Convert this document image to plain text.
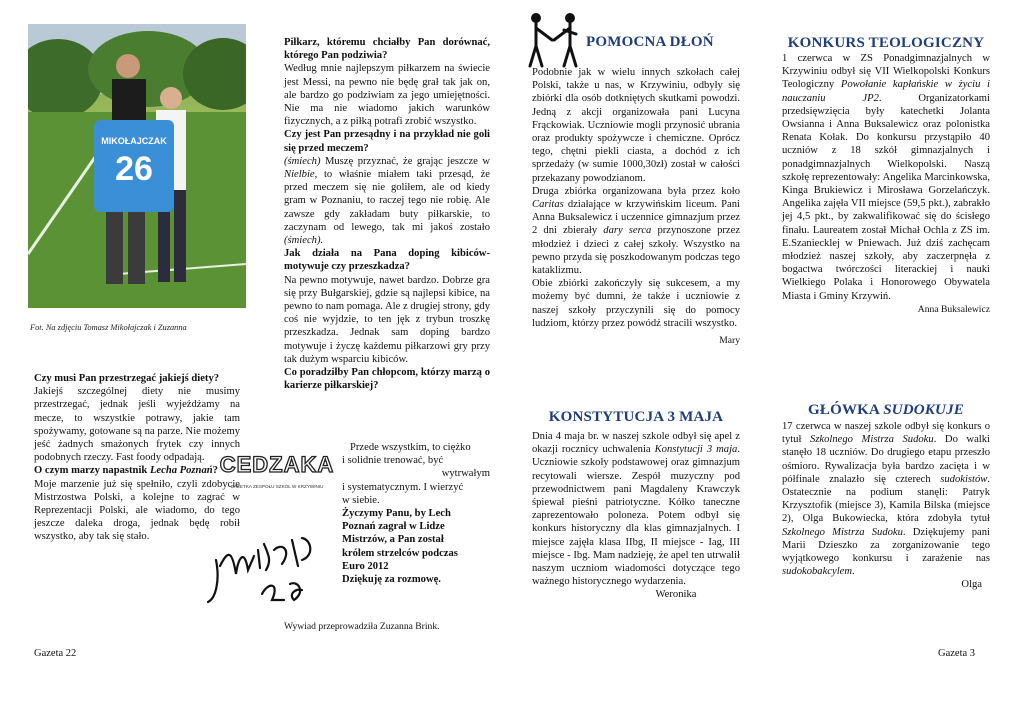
MIKOŁAJCZAK
26
Fot. Na zdjęciu Tomasz Mikołajczak i Zuzanna

Czy musi Pan przestrzegać jakiejś diety?

Jakiejś szczególnej diety nie musimy przestrzegać, jednak jeśli wyjeżdżamy na mecze, to wszystkie potrawy, jakie tam spożywamy, gotowane są na parze. Nie możemy jeść żadnych smażonych frytek czy innych podobnych rzeczy. Fast foody odpadają.

O czym marzy napastnik Lecha Poznań?

Moje marzenie już się spełniło, czyli zdobycie Mistrzostwa Polski, a kolejne to zagrać w Reprezentacji Polski, ale wiadomo, do tego jeszcze daleka droga, jednak będę robił wszystko, aby tak się stało.

Gazeta 22

Piłkarz, któremu chciałby Pan dorównać, którego Pan podziwia?

Według mnie najlepszym piłkarzem na świecie jest Messi, na pewno nie będę grał tak jak on, ale bardzo go podziwiam za jego umiejętności. Nie ma nie wiadomo jakich warunków fizycznych, a z piłką potrafi zrobić wszystko.

Czy jest Pan przesądny i na przykład nie goli się przed meczem?

(śmiech) Muszę przyznać, że grając jeszcze w Nielbie, to właśnie miałem taki przesąd, że przed meczem się nie goliłem, ale od kiedy gram w Poznaniu, to raczej tego nie robię. Ale zawsze gdy zakładam buty piłkarskie, to zaczynam od lewego, tak mi jakoś zostało (śmiech).

Jak działa na Pana doping kibiców- motywuje czy przeszkadza?

Na pewno motywuje, nawet bardzo. Dobrze gra się przy Bułgarskiej, gdzie są najlepsi kibice, na pewno to nam pomaga. Ale z drugiej strony, gdy coś nie wyjdzie, to ten jęk z trybun troszkę przeszkadza. Jednak sam doping bardzo motywuje i życzę każdemu piłkarzowi gry przy tak dużym wsparciu kibiców.

Co poradziłby Pan chłopcom, którzy marzą o karierze piłkarskiej?

CEDZAKA
GAZETKA ZESPOŁU SZKÓŁ W KRZYWINIU

Przede wszystkim, to ciężko

i solidnie trenować, być

wytrwałym

i systematycznym. I wierzyć

w siebie.

Życzymy Panu, by Lech

Poznań zagrał w Lidze

Mistrzów, a Pan został

królem strzelców podczas

Euro 2012

Dziękuję za rozmowę.

Wywiad przeprowadziła Zuzanna Brink.
POMOCNA DŁOŃ

Podobnie jak w wielu innych szkołach całej Polski, także u nas, w Krzywiniu, odbyły się zbiórki dla osób dotkniętych skutkami powodzi. Jedną z akcji organizowała pani Lucyna Frąckowiak. Uczniowie mogli przynosić ubrania oraz produkty spożywcze i chemiczne. Oprócz tego, chętni piekli ciasta, a dochód z ich sprzedaży (w sumie 1000,30zł) został w całości przekazany powodzianom.

Druga zbiórka organizowana była przez koło Caritas działające w krzywińskim liceum. Pani Anna Buksalewicz i uczennice gimnazjum przez 2 dni zbierały dary serca przynoszone przez młodzież i dzieci z całej szkoły. Wszystko na pewno przyda się poszkodowanym podczas tego kataklizmu.

Obie zbiórki zakończyły się sukcesem, a my możemy być dumni, że także i uczniowie z naszej szkoły przyczynili się do pomocy ludziom, którzy przez powódź stracili wszystko.

Mary

KONSTYTUCJA 3 MAJA

Dnia 4 maja br. w naszej szkole odbył się apel z okazji rocznicy uchwalenia Konstytucji 3 maja. Uczniowie szkoły podstawowej oraz gimnazjum recytowali wiersze. Zespół muzyczny pod przewodnictwem pani Magdaleny Krawczyk śpiewał pieśni patriotyczne. Kółko taneczne zaprezentowało poloneza. Potem odbył się konkurs historyczny dla klas gimnazjalnych. I miejsce zajęła klasa IIbg, II miejsce - Iag, III miejsce - Ibg. Mam nadzieję, że apel ten utrwalił naszym uczniom wiadomości dotyczące tego ważnego historycznego wydarzenia.

Weronika

KONKURS TEOLOGICZNY

1 czerwca w ZS Ponadgimnazjalnych w Krzywiniu odbył się VII Wielkopolski Konkurs Teologiczny Powołanie kapłańskie w życiu i nauczaniu JP2. Organizatorkami przedsięwzięcia były katechetki Jolanta Owsianna i Anna Buksalewicz oraz polonistka Renata Kołak. Do konkursu przystąpiło 40 uczniów z 18 szkół gimnazjalnych i ponadgimnazjalnych Wielkopolski. Naszą szkołę reprezentowały: Angelika Marcinkowska, Kinga Brukiewicz i Mirosława Gorzelańczyk. Angelika zajęła VII miejsce (59,5 pkt.), zabrakło jej 4,5 pkt., by zakwalifikować się do ścisłego finału. Laureatem został Michał Ochla z ZS im. E.Szaniecklej w Pniewach. Już dziś zachęcam młodzież naszej szkoły, aby zaczerpnęła z bogactwa twórczości literackiej i nauki Wielkiego Polaka i Honorowego Obywatela Miasta i Gminy Krzywiń.

Anna Buksalewicz

GŁÓWKA SUDOKUJE

17 czerwca w naszej szkole odbył się konkurs o tytuł Szkolnego Mistrza Sudoku. Do walki stanęło 18 uczniów. Do drugiego etapu przeszło ośmioro. Rywalizacja była bardzo zacięta i w półfinale znalazło się czterech sudokistów. Ostatecznie na podium stanęli: Patryk Krzysztofik (miejsce 3), Kamila Bilska (miejsce 2), Olga Bukowiecka, która zdobyła tytuł Szkolnego Mistrza Sudoku. Dziękujemy pani Marii Dzieszko za zorganizowanie tego wyjątkowego konkursu i zarażenie nas sudokobakcylem.

Olga

Gazeta 3
